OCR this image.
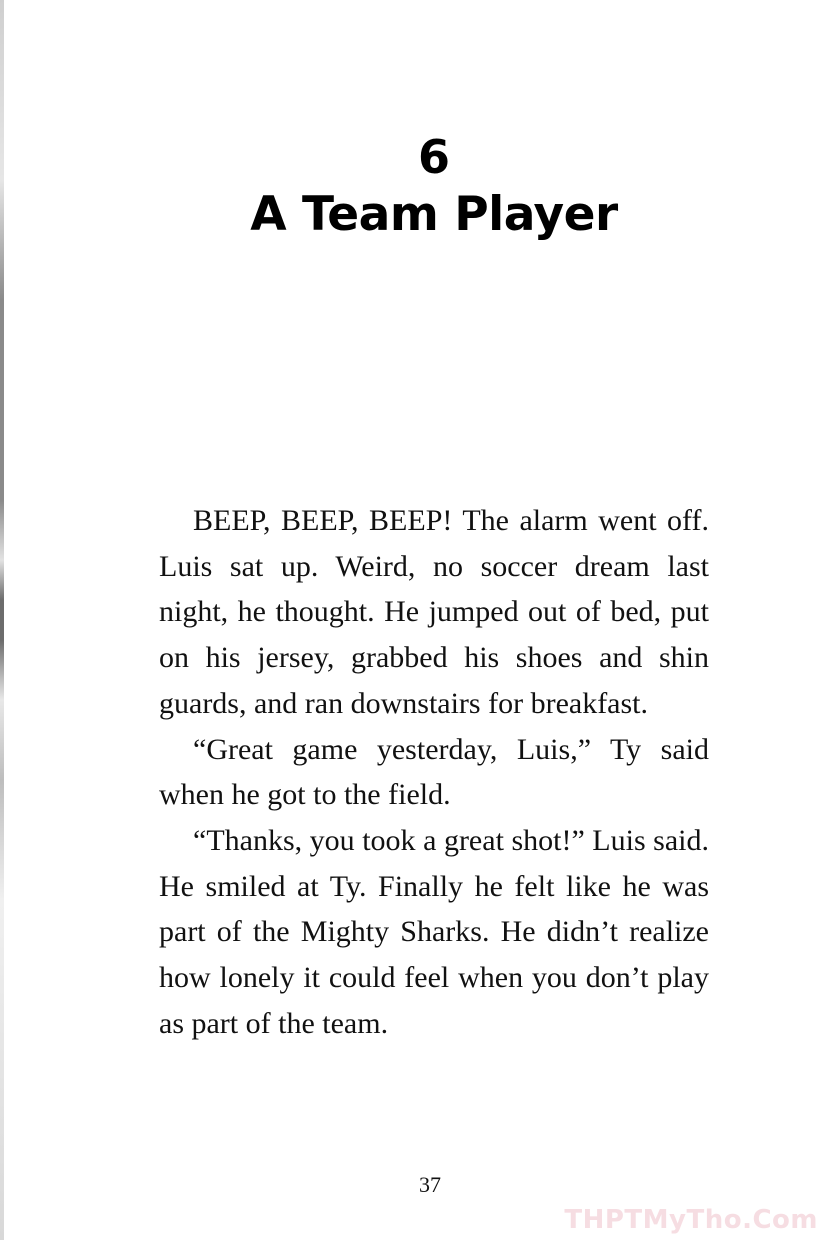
6
A Team Player

BEEP, BEEP, BEEP! The alarm went off. Luis sat up. Weird, no soccer dream last night, he thought. He jumped out of bed, put on his jersey, grabbed his shoes and shin guards, and ran downstairs for breakfast.

“Great game yesterday, Luis,” Ty said when he got to the field.

“Thanks, you took a great shot!” Luis said. He smiled at Ty. Finally he felt like he was part of the Mighty Sharks. He didn’t realize how lonely it could feel when you don’t play as part of the team.

37
THPTMyTho.Com
